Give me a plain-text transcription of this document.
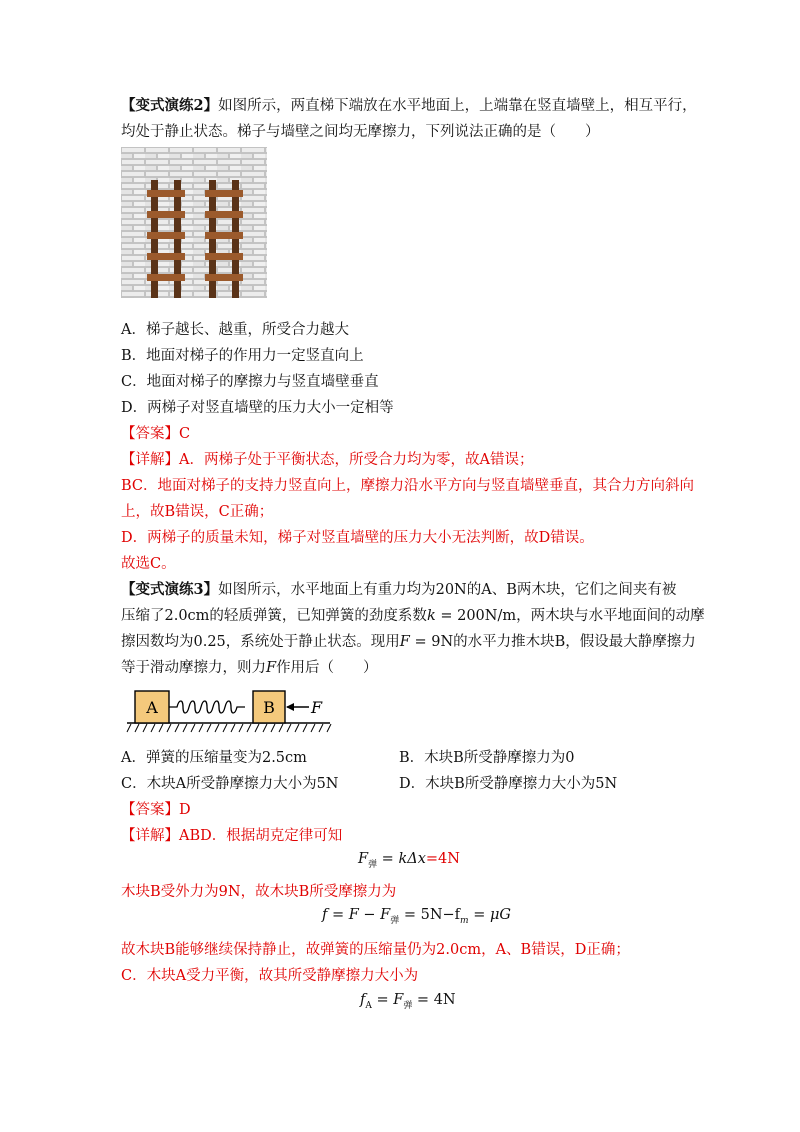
【变式演练2】如图所示，两直梯下端放在水平地面上，上端靠在竖直墙壁上，相互平行，
均处于静止状态。梯子与墙壁之间均无摩擦力，下列说法正确的是（　　）
A．梯子越长、越重，所受合力越大
B．地面对梯子的作用力一定竖直向上
C．地面对梯子的摩擦力与竖直墙壁垂直
D．两梯子对竖直墙壁的压力大小一定相等
【答案】C
【详解】A．两梯子处于平衡状态，所受合力均为零，故A错误；
BC．地面对梯子的支持力竖直向上，摩擦力沿水平方向与竖直墙壁垂直，其合力方向斜向
上，故B错误，C正确；
D．两梯子的质量未知，梯子对竖直墙壁的压力大小无法判断，故D错误。
故选C。
【变式演练3】如图所示，水平地面上有重力均为20N的A、B两木块，它们之间夹有被
压缩了2.0cm的轻质弹簧，已知弹簧的劲度系数k = 200N/m，两木块与水平地面间的动摩
擦因数均为0.25，系统处于静止状态。现用F = 9N的水平力推木块B，假设最大静摩擦力
等于滑动摩擦力，则力F作用后（　　）
A	B F
A．弹簧的压缩量变为2.5cm	B．木块B所受静摩擦力为0
C．木块A所受静摩擦力大小为5N	D．木块B所受静摩擦力大小为5N
【答案】D
【详解】ABD．根据胡克定律可知
$F_弹 = k\Delta x=4N$
木块B受外力为9N，故木块B所受摩擦力为
$f = F - F_弹 = 5N-f_m = \mu G$
故木块B能够继续保持静止，故弹簧的压缩量仍为2.0cm，A、B错误，D正确；
C．木块A受力平衡，故其所受静摩擦力大小为
$f_A = F_弹 = 4N$
